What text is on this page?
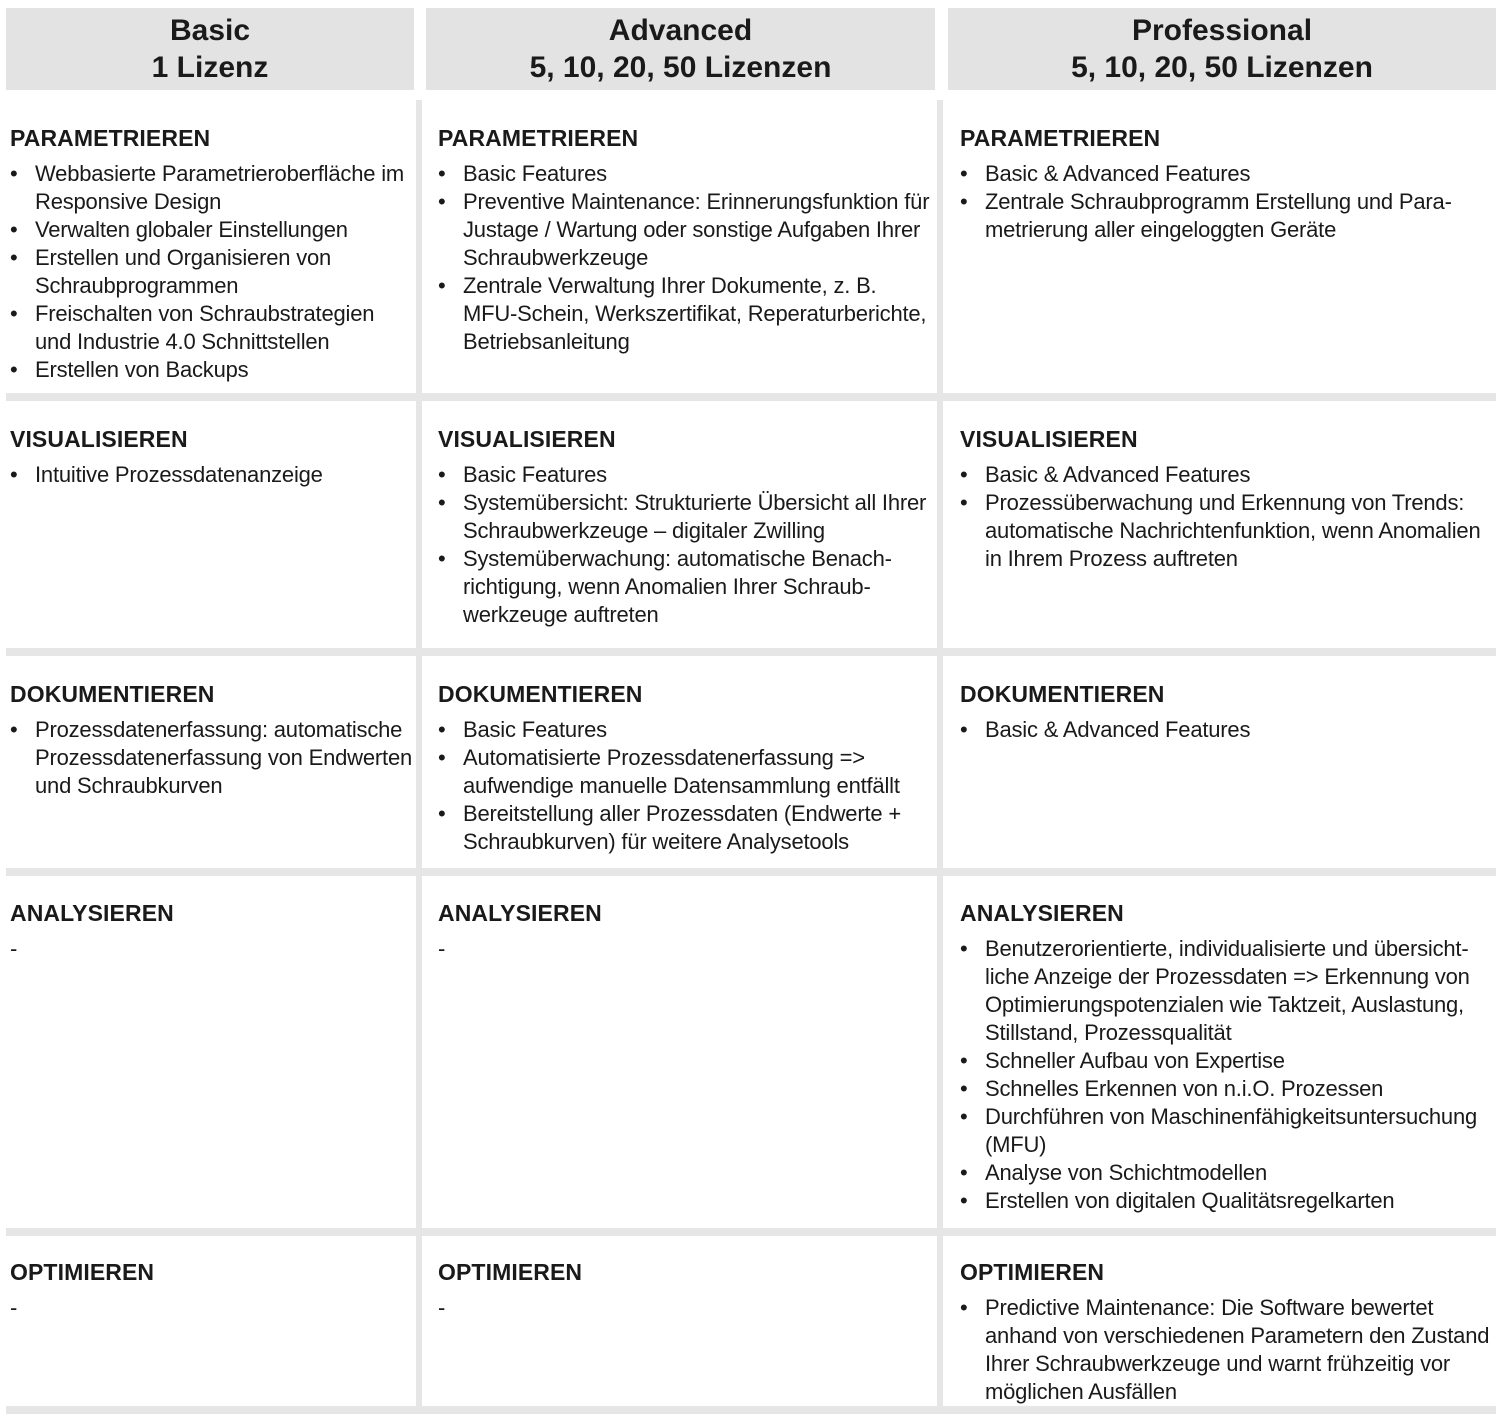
Basic
1 Lizenz
Advanced
5, 10, 20, 50 Lizenzen
Professional
5, 10, 20, 50 Lizenzen
PARAMETRIEREN
• Webbasierte Parametrieroberfläche im Responsive Design
• Verwalten globaler Einstellungen
• Erstellen und Organisieren von Schraubprogrammen
• Freischalten von Schraubstrategien und Industrie 4.0 Schnittstellen
• Erstellen von Backups
PARAMETRIEREN
• Basic Features
• Preventive Maintenance: Erinnerungsfunktion für Justage / Wartung oder sonstige Aufgaben Ihrer Schraubwerkzeuge
• Zentrale Verwaltung Ihrer Dokumente, z. B. MFU-Schein, Werkszertifikat, Reperaturberichte, Betriebsanleitung
PARAMETRIEREN
• Basic & Advanced Features
• Zentrale Schraubprogramm Erstellung und Parametrierung aller eingeloggten Geräte
VISUALISIEREN
• Intuitive Prozessdatenanzeige
VISUALISIEREN
• Basic Features
• Systemübersicht: Strukturierte Übersicht all Ihrer Schraubwerkzeuge – digitaler Zwilling
• Systemüberwachung: automatische Benachrichtigung, wenn Anomalien Ihrer Schraubwerkzeuge auftreten
VISUALISIEREN
• Basic & Advanced Features
• Prozessüberwachung und Erkennung von Trends: automatische Nachrichtenfunktion, wenn Anomalien in Ihrem Prozess auftreten
DOKUMENTIEREN
• Prozessdatenerfassung: automatische Prozessdatenerfassung von Endwerten und Schraubkurven
DOKUMENTIEREN
• Basic Features
• Automatisierte Prozessdatenerfassung => aufwendige manuelle Datensammlung entfällt
• Bereitstellung aller Prozessdaten (Endwerte + Schraubkurven) für weitere Analysetools
DOKUMENTIEREN
• Basic & Advanced Features
ANALYSIEREN
-
ANALYSIEREN
-
ANALYSIEREN
• Benutzerorientierte, individualisierte und übersichtliche Anzeige der Prozessdaten => Erkennung von Optimierungspotenzialen wie Taktzeit, Auslastung, Stillstand, Prozessqualität
• Schneller Aufbau von Expertise
• Schnelles Erkennen von n.i.O. Prozessen
• Durchführen von Maschinenfähigkeitsuntersuchung (MFU)
• Analyse von Schichtmodellen
• Erstellen von digitalen Qualitätsregelkarten
OPTIMIEREN
-
OPTIMIEREN
-
OPTIMIEREN
• Predictive Maintenance: Die Software bewertet anhand von verschiedenen Parametern den Zustand Ihrer Schraubwerkzeuge und warnt frühzeitig vor möglichen Ausfällen
